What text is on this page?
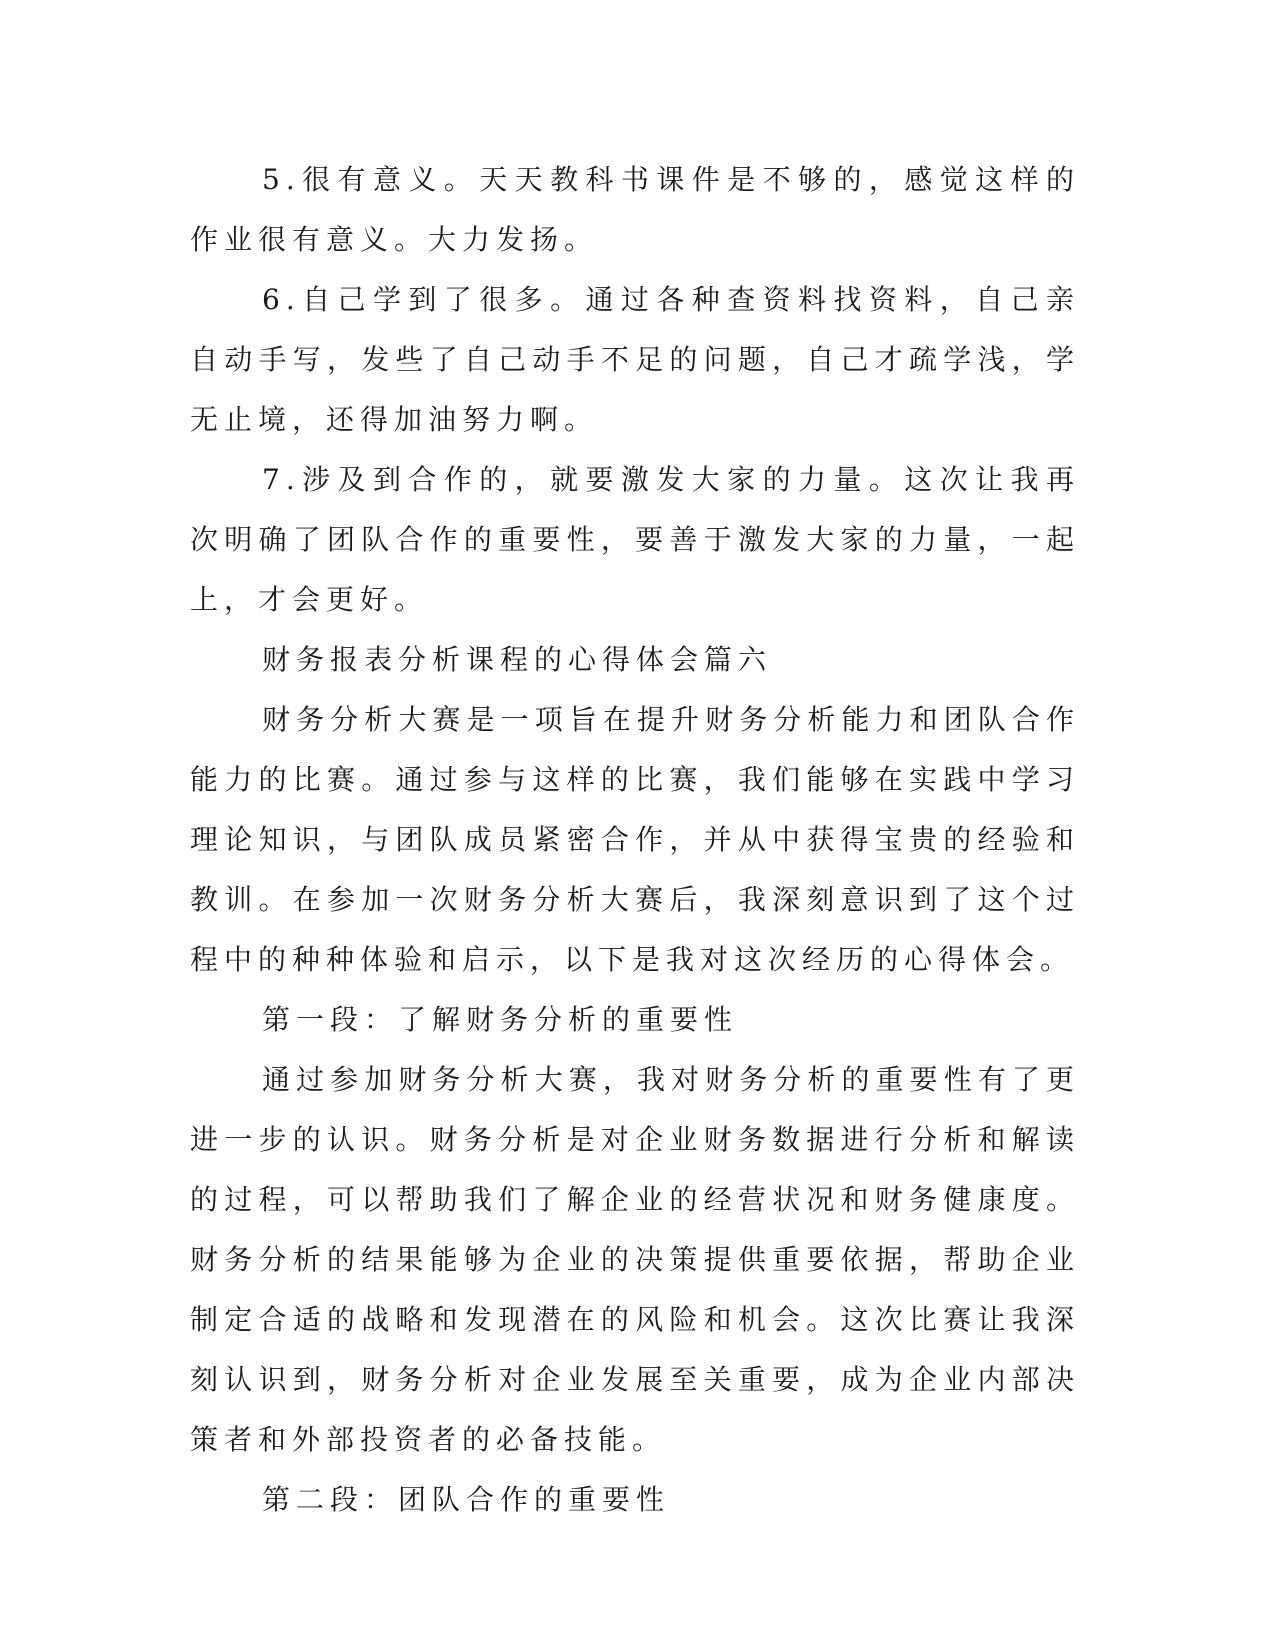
5.很有意义。天天教科书课件是不够的，感觉这样的作业很有意义。大力发扬。

6.自己学到了很多。通过各种查资料找资料，自己亲自动手写，发些了自己动手不足的问题，自己才疏学浅，学无止境，还得加油努力啊。

7.涉及到合作的，就要激发大家的力量。这次让我再次明确了团队合作的重要性，要善于激发大家的力量，一起上，才会更好。

财务报表分析课程的心得体会篇六

财务分析大赛是一项旨在提升财务分析能力和团队合作能力的比赛。通过参与这样的比赛，我们能够在实践中学习理论知识，与团队成员紧密合作，并从中获得宝贵的经验和教训。在参加一次财务分析大赛后，我深刻意识到了这个过程中的种种体验和启示，以下是我对这次经历的心得体会。

第一段：了解财务分析的重要性

通过参加财务分析大赛，我对财务分析的重要性有了更进一步的认识。财务分析是对企业财务数据进行分析和解读的过程，可以帮助我们了解企业的经营状况和财务健康度。财务分析的结果能够为企业的决策提供重要依据，帮助企业制定合适的战略和发现潜在的风险和机会。这次比赛让我深刻认识到，财务分析对企业发展至关重要，成为企业内部决策者和外部投资者的必备技能。

第二段：团队合作的重要性
